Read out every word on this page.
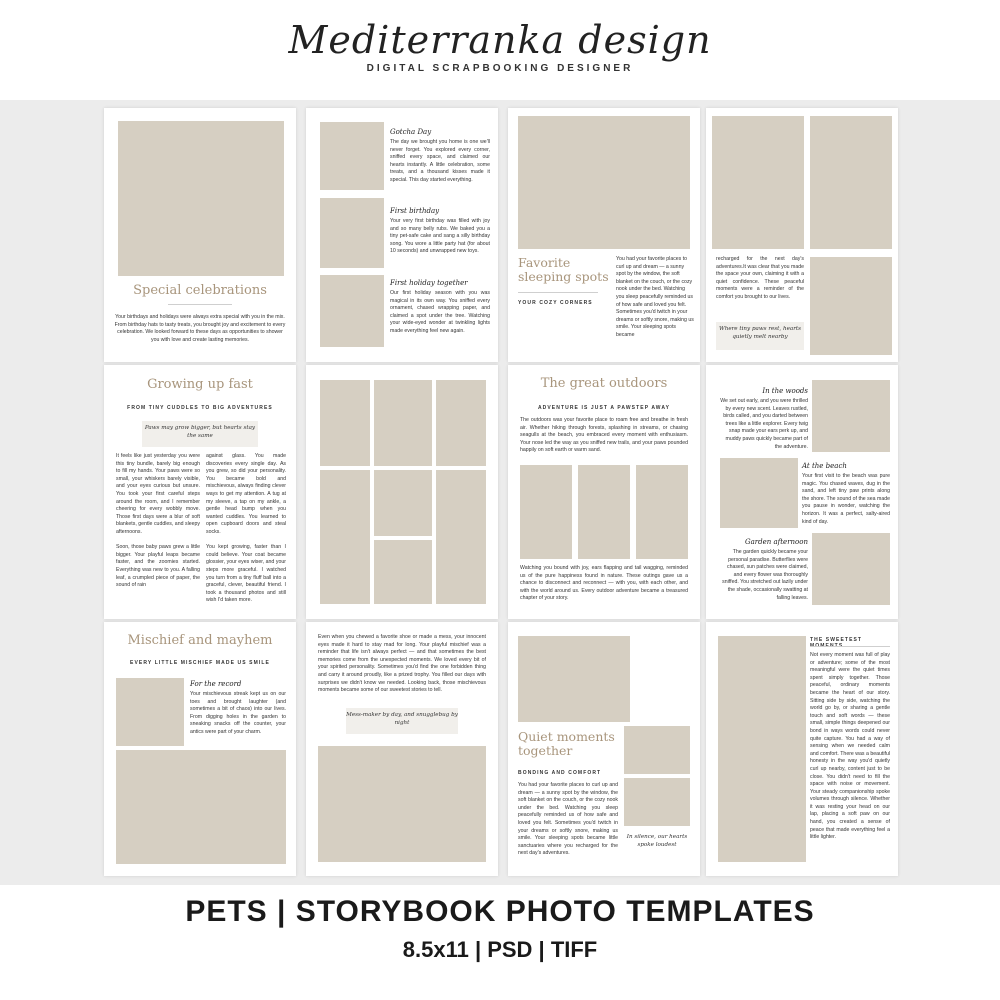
Mediterranka design
DIGITAL SCRAPBOOKING DESIGNER
Special celebrations
Your birthdays and holidays were always extra special with you in the mix. From birthday hats to tasty treats, you brought joy and excitement to every celebration. We looked forward to these days as opportunities to shower you with love and create lasting memories.
Gotcha Day
The day we brought you home is one we'll never forget. You explored every corner, sniffed every space, and claimed our hearts instantly. A little celebration, some treats, and a thousand kisses made it special. This day started everything.
First birthday
Your very first birthday was filled with joy and so many belly rubs. We baked you a tiny pet-safe cake and sang a silly birthday song. You wore a little party hat (for about 10 seconds) and unwrapped new toys.
First holiday together
Our first holiday season with you was magical in its own way. You sniffed every ornament, chased wrapping paper, and claimed a spot under the tree. Watching your wide-eyed wonder at twinkling lights made everything feel new again.
Favorite sleeping spots
YOUR COZY CORNERS
You had your favorite places to curl up and dream — a sunny spot by the window, the soft blanket on the couch, or the cozy nook under the bed. Watching you sleep peacefully reminded us of how safe and loved you felt. Sometimes you'd twitch in your dreams or softly snore, making us smile. Your sleeping spots became
recharged for the next day's adventures.It was clear that you made the space your own, claiming it with a quiet confidence. These peaceful moments were a reminder of the comfort you brought to our lives.
Where tiny paws rest, hearts quietly melt nearby
Growing up fast
FROM TINY CUDDLES TO BIG ADVENTURES
Paws may grow bigger, but hearts stay the same
It feels like just yesterday you were this tiny bundle, barely big enough to fill my hands. Your paws were so small, your whiskers barely visible, and your eyes curious but unsure. You took your first careful steps around the room, and I remember cheering for every wobbly move. Those first days were a blur of soft blankets, gentle cuddles, and sleepy afternoons.

Soon, those baby paws grew a little bigger. Your playful leaps became faster, and the zoomies started. Everything was new to you. A falling leaf, a crumpled piece of paper, the sound of rain
against glass. You made discoveries every single day. As you grew, so did your personality. You became bold and mischievous, always finding clever ways to get my attention. A tug at my sleeve, a tap on my ankle, a gentle head bump when you wanted cuddles. You learned to open cupboard doors and steal socks.

You kept growing, faster than I could believe. Your coat became glossier, your eyes wiser, and your steps more graceful. I watched you turn from a tiny fluff ball into a graceful, clever, beautiful friend. I took a thousand photos and still wish I'd taken more.
The great outdoors
ADVENTURE IS JUST A PAWSTEP AWAY
The outdoors was your favorite place to roam free and breathe in fresh air. Whether hiking through forests, splashing in streams, or chasing seagulls at the beach, you embraced every moment with enthusiasm. Your nose led the way as you sniffed new trails, and your paws pounded happily on soft earth or warm sand.
Watching you bound with joy, ears flapping and tail wagging, reminded us of the pure happiness found in nature. These outings gave us a chance to disconnect and reconnect — with you, with each other, and with the world around us. Every outdoor adventure became a treasured chapter of your story.
In the woods
We set out early, and you were thrilled by every new scent. Leaves rustled, birds called, and you darted between trees like a little explorer. Every twig snap made your ears perk up, and muddy paws quickly became part of the adventure.
At the beach
Your first visit to the beach was pure magic. You chased waves, dug in the sand, and left tiny paw prints along the shore. The sound of the sea made you pause in wonder, watching the horizon. It was a perfect, salty-aired kind of day.
Garden afternoon
The garden quickly became your personal paradise. Butterflies were chased, sun patches were claimed, and every flower was thoroughly sniffed. You stretched out lazily under the shade, occasionally swatting at falling leaves.
Mischief and mayhem
EVERY LITTLE MISCHIEF MADE US SMILE
For the record
Your mischievous streak kept us on our toes and brought laughter (and sometimes a bit of chaos) into our lives. From digging holes in the garden to sneaking snacks off the counter, your antics were part of your charm.
Even when you chewed a favorite shoe or made a mess, your innocent eyes made it hard to stay mad for long. Your playful mischief was a reminder that life isn't always perfect — and that sometimes the best memories come from the unexpected moments. We loved every bit of your spirited personality. Sometimes you'd find the one forbidden thing and carry it around proudly, like a prized trophy. You filled our days with surprises we didn't know we needed. Looking back, those mischievous moments became some of our sweetest stories to tell.
Mess-maker by day, and snugglebug by night
Quiet moments together
BONDING AND COMFORT
You had your favorite places to curl up and dream — a sunny spot by the window, the soft blanket on the couch, or the cozy nook under the bed. Watching you sleep peacefully reminded us of how safe and loved you felt. Sometimes you'd twitch in your dreams or softly snore, making us smile. Your sleeping spots became little sanctuaries where you recharged for the next day's adventures.
In silence, our hearts spoke loudest
THE SWEETEST
Not every moment was full of play or adventure; some of the most meaningful were the quiet times spent simply together. Those peaceful, ordinary moments became the heart of our story. Sitting side by side, watching the world go by, or sharing a gentle touch and soft words — these small, simple things deepened our bond in ways words could never quite capture. You had a way of sensing when we needed calm and comfort. There was a beautiful honesty in the way you'd quietly curl up nearby, content just to be close. You didn't need to fill the space with noise or movement. Your steady companionship spoke volumes through silence. Whether it was resting your head on our lap, placing a soft paw on our hand, you created a sense of peace that made everything feel a little lighter.
PETS | STORYBOOK PHOTO TEMPLATES
8.5x11 | PSD | TIFF
